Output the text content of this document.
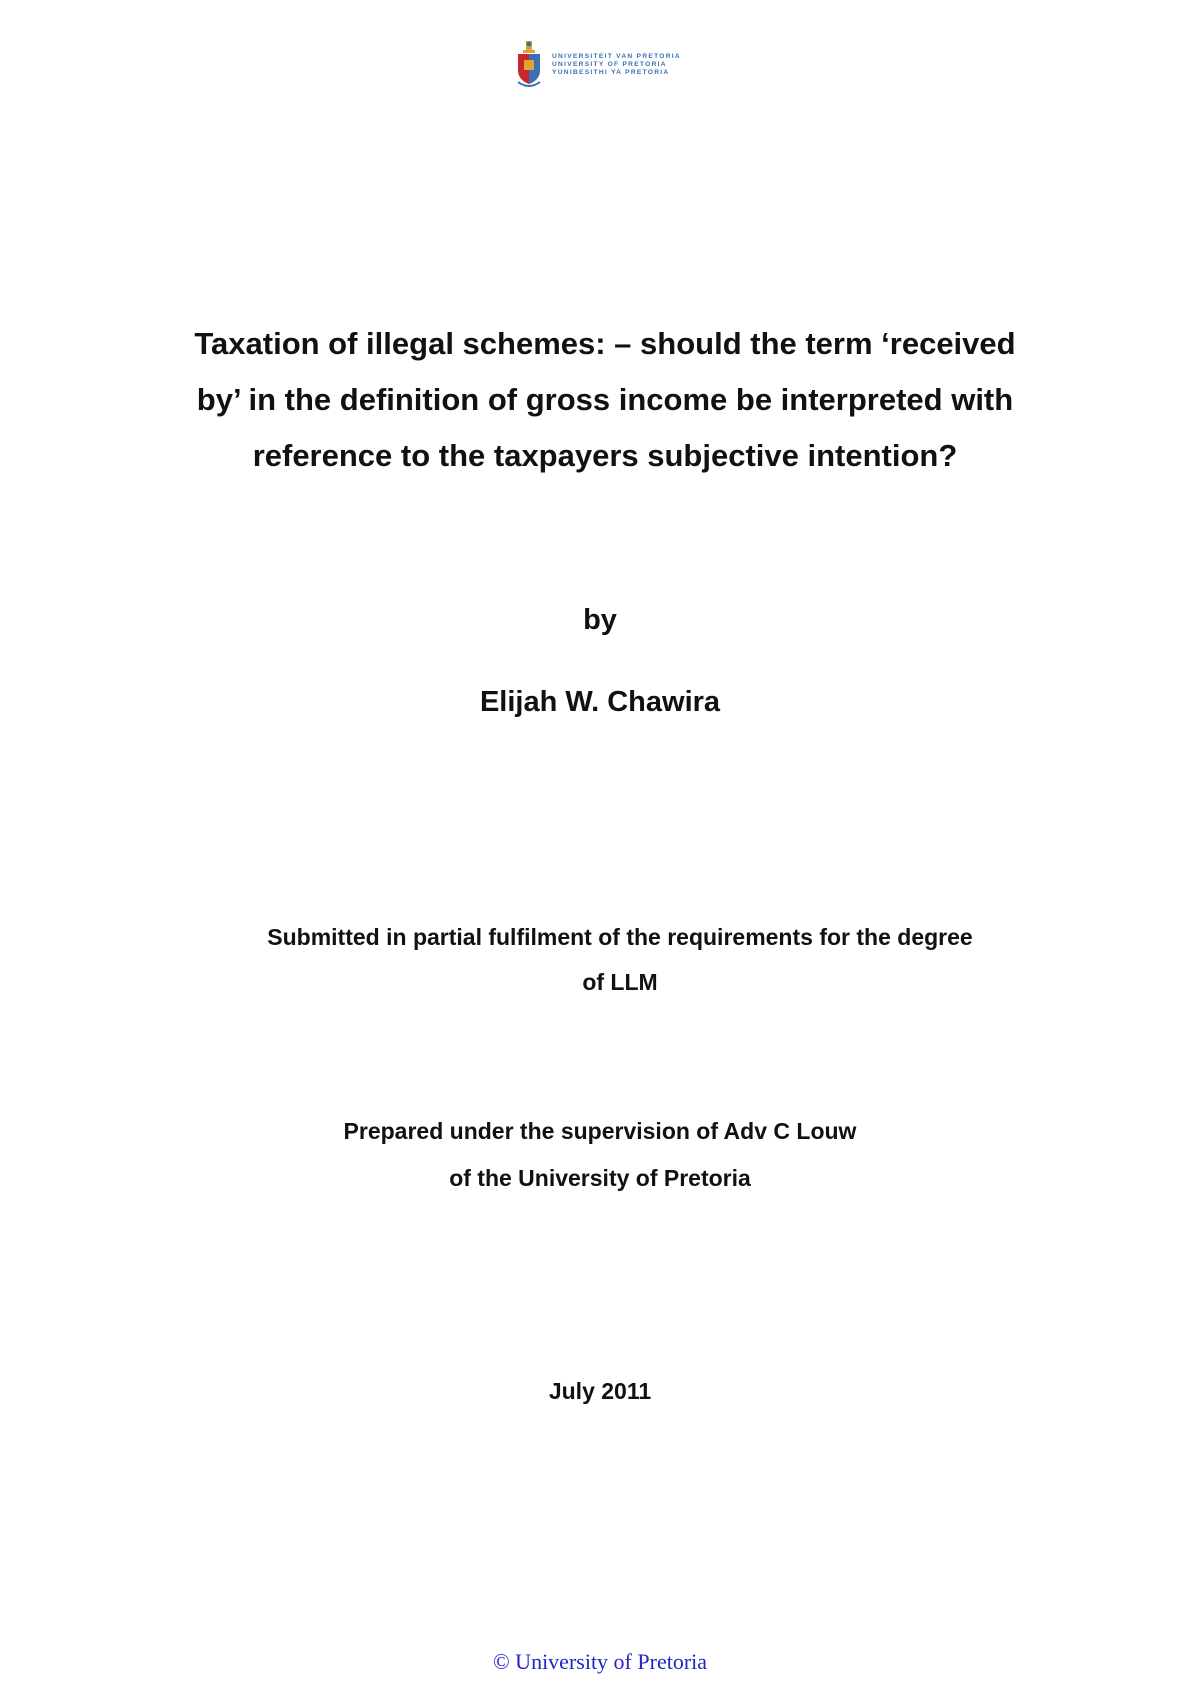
UNIVERSITEIT VAN PRETORIA
UNIVERSITY OF PRETORIA
YUNIBESITHI YA PRETORIA
Taxation of illegal schemes: – should the term ‘received
by’ in the definition of gross income be interpreted with
reference to the taxpayers subjective intention?
by
Elijah W. Chawira
Submitted in partial fulfilment of the requirements for the degree
of LLM
Prepared under the supervision of Adv C Louw
of the University of Pretoria
July 2011
© University of Pretoria
